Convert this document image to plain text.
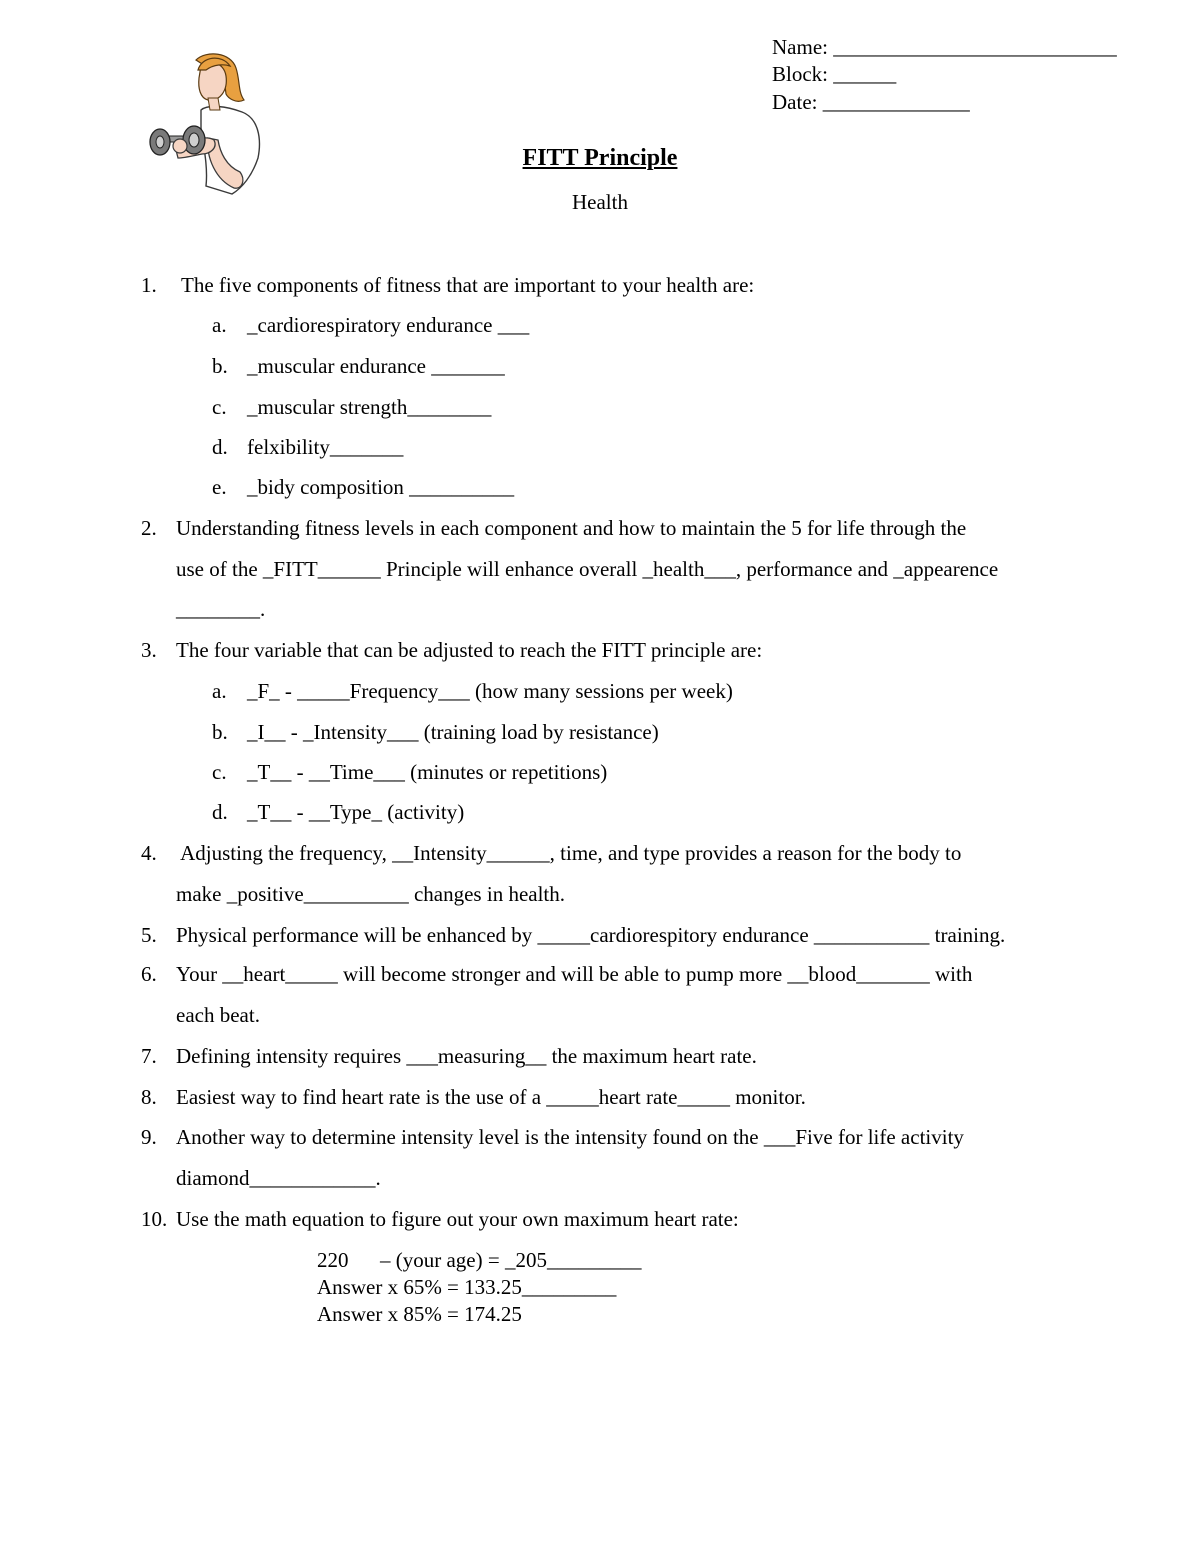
Name: ___________________________
Block: ______
Date: ______________
FITT Principle
Health
1. The five components of fitness that are important to your health are:
a. _cardiorespiratory endurance ___
b. _muscular endurance _______
c. _muscular strength________
d. felxibility_______
e. _bidy composition __________
2. Understanding fitness levels in each component and how to maintain the 5 for life through the
use of the _FITT______ Principle will enhance overall _health___, performance and _appearence
________.
3. The four variable that can be adjusted to reach the FITT principle are:
a. _F_ - _____Frequency___ (how many sessions per week)
b. _I__ - _Intensity___ (training load by resistance)
c. _T__ - __Time___ (minutes or repetitions)
d. _T__ - __Type_ (activity)
4. Adjusting the frequency, __Intensity______, time, and type provides a reason for the body to
make _positive__________ changes in health.
5. Physical performance will be enhanced by _____cardiorespitory endurance ___________ training.
6. Your __heart_____ will become stronger and will be able to pump more __blood_______ with
each beat.
7. Defining intensity requires ___measuring__ the maximum heart rate.
8. Easiest way to find heart rate is the use of a _____heart rate_____ monitor.
9. Another way to determine intensity level is the intensity found on the ___Five for life activity
diamond____________.
10. Use the math equation to figure out your own maximum heart rate:
220      – (your age) = _205_________
Answer x 65% = 133.25_________
Answer x 85% = 174.25
